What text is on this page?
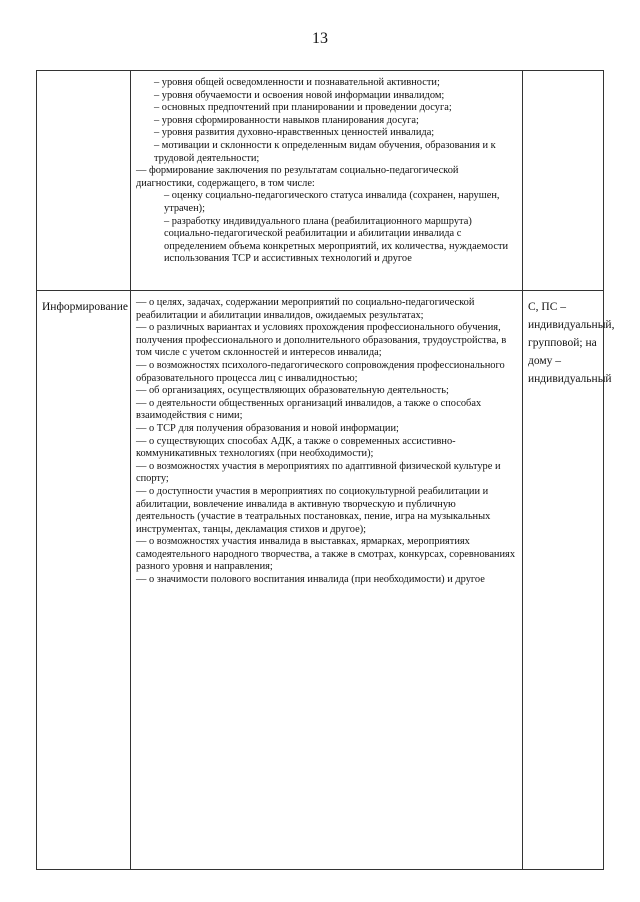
13
– уровня общей осведомленности и познавательной активности;
– уровня обучаемости и освоения новой информации инвалидом;
– основных предпочтений при планировании и проведении досуга;
– уровня сформированности навыков планирования досуга;
– уровня развития духовно-нравственных ценностей инвалида;
– мотивации и склонности к определенным видам обучения, образования и к трудовой деятельности;
— формирование заключения по результатам социально-педагогической диагностики, содержащего, в том числе:
– оценку социально-педагогического статуса инвалида (сохранен, нарушен, утрачен);
– разработку индивидуального плана (реабилитационного маршрута) социально-педагогической реабилитации и абилитации инвалида с определением объема конкретных мероприятий, их количества, нуждаемости использования ТСР и ассистивных технологий и другое
Информирование — о целях, задачах, содержании мероприятий по социально-педагогической реабилитации и абилитации инвалидов, ожидаемых результатах;
— о различных вариантах и условиях прохождения профессионального обучения, получения профессионального и дополнительного образования, трудоустройства, в том числе с учетом склонностей и интересов инвалида;
— о возможностях психолого-педагогического сопровождения профессионального образовательного процесса лиц с инвалидностью;
— об организациях, осуществляющих образовательную деятельность;
— о деятельности общественных организаций инвалидов, а также о способах взаимодействия с ними;
— о ТСР для получения образования и новой информации;
— о существующих способах АДК, а также о современных ассистивно-коммуникативных технологиях (при необходимости);
— о возможностях участия в мероприятиях по адаптивной физической культуре и спорту;
— о доступности участия в мероприятиях по социокультурной реабилитации и абилитации, вовлечение инвалида в активную творческую и публичную деятельность (участие в театральных постановках, пение, игра на музыкальных инструментах, танцы, декламация стихов и другое);
— о возможностях участия инвалида в выставках, ярмарках, мероприятиях самодеятельного народного творчества, а также в смотрах, конкурсах, соревнованиях разного уровня и направления;
— о значимости полового воспитания инвалида (при необходимости) и другое
С, ПС – индивидуальный, групповой; на дому – индивидуальный
